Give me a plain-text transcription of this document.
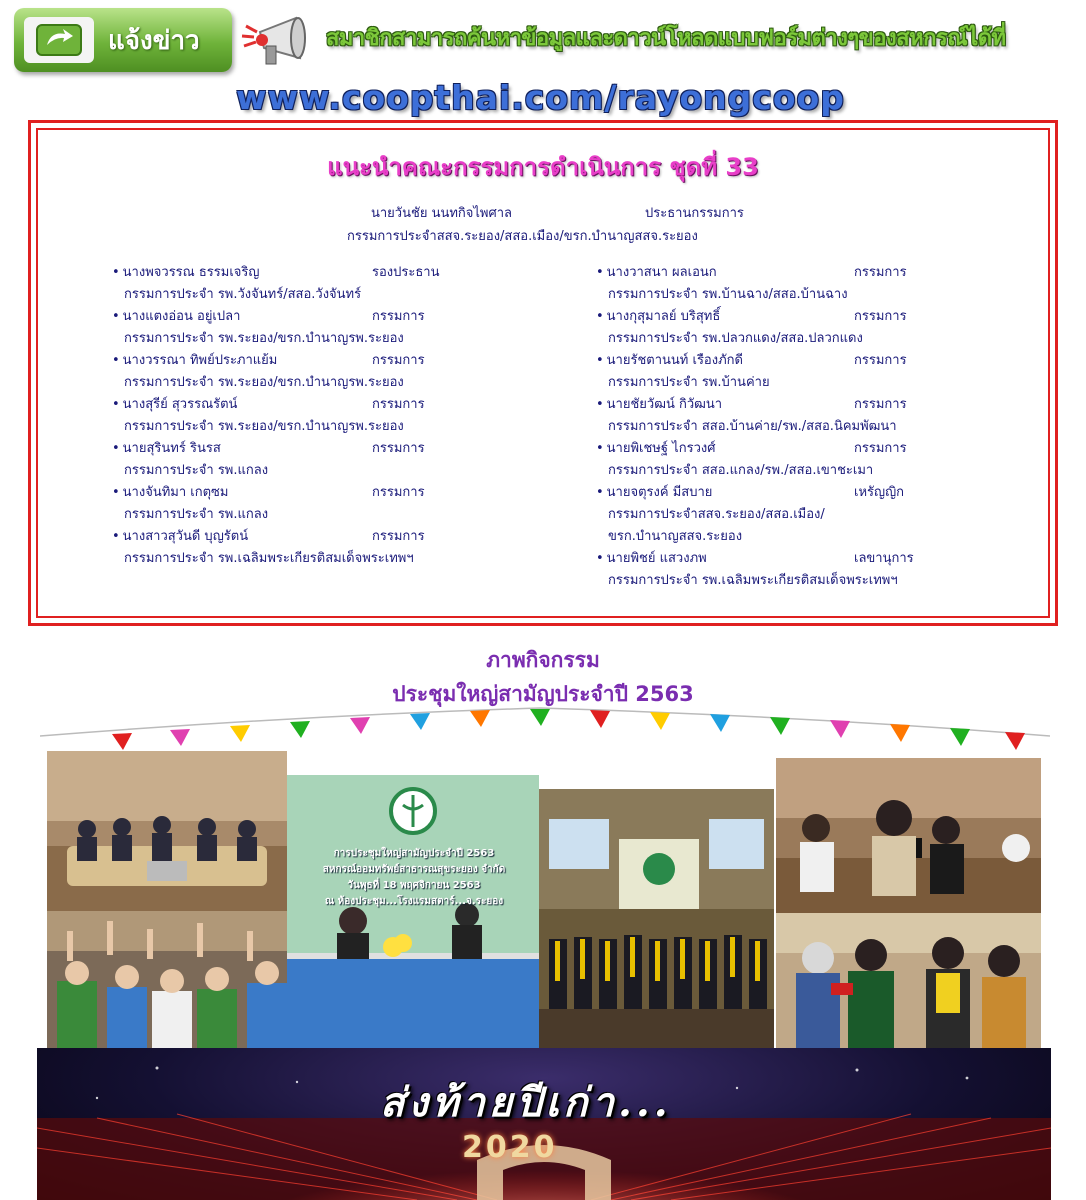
แจ้งข่าว	สมาชิกสามารถค้นหาข้อมูลและดาวน์โหลดแบบฟอร์มต่างๆของสหกรณ์ได้ที่
www.coopthai.com/rayongcoop
แนะนำคณะกรรมการดำเนินการ ชุดที่ 33
นายวันชัย นนทกิจไพศาล	ประธานกรรมการ
กรรมการประจำสสจ.ระยอง/สสอ.เมือง/ขรก.บำนาญสสจ.ระยอง
• นางพจวรรณ ธรรมเจริญ	รองประธาน
กรรมการประจำ รพ.วังจันทร์/สสอ.วังจันทร์
• นางแตงอ่อน อยู่เปลา	กรรมการ
กรรมการประจำ รพ.ระยอง/ขรก.บำนาญรพ.ระยอง
• นางวรรณา ทิพย์ประภาแย้ม	กรรมการ
กรรมการประจำ รพ.ระยอง/ขรก.บำนาญรพ.ระยอง
• นางสุรีย์ สุวรรณรัตน์	กรรมการ
กรรมการประจำ รพ.ระยอง/ขรก.บำนาญรพ.ระยอง
• นายสุรินทร์ รินรส	กรรมการ
กรรมการประจำ รพ.แกลง
• นางจันทิมา เกตุซม	กรรมการ
กรรมการประจำ รพ.แกลง
• นางสาวสุวันดี บุญรัตน์	กรรมการ
กรรมการประจำ รพ.เฉลิมพระเกียรติสมเด็จพระเทพฯ
• นางวาสนา ผลเอนก	กรรมการ
กรรมการประจำ รพ.บ้านฉาง/สสอ.บ้านฉาง
• นางกุสุมาลย์ บริสุทธิ์	กรรมการ
กรรมการประจำ รพ.ปลวกแดง/สสอ.ปลวกแดง
• นายรัชตานนท์ เรืองภักดี	กรรมการ
กรรมการประจำ รพ.บ้านค่าย
• นายชัยวัฒน์ กิวัฒนา	กรรมการ
กรรมการประจำ สสอ.บ้านค่าย/รพ./สสอ.นิคมพัฒนา
• นายพิเชษฐ์ ไกรวงศ์	กรรมการ
กรรมการประจำ สสอ.แกลง/รพ./สสอ.เขาชะเมา
• นายจตุรงค์ มีสบาย	เหรัญญิก
กรรมการประจำสสจ.ระยอง/สสอ.เมือง/
ขรก.บำนาญสสจ.ระยอง
• นายพิชย์ แสวงภพ	เลขานุการ
กรรมการประจำ รพ.เฉลิมพระเกียรติสมเด็จพระเทพฯ
ภาพกิจกรรม
ประชุมใหญ่สามัญประจำปี 2563
การประชุมใหญ่สามัญประจำปี 2563
สหกรณ์ออมทรัพย์สาธารณสุขระยอง จำกัด
วันพุธที่ 18 พฤศจิกายน 2563
ณ ห้องประชุม...โรงแรมสตาร์...จ.ระยอง
2020
ส่งท้ายปีเก่า...
